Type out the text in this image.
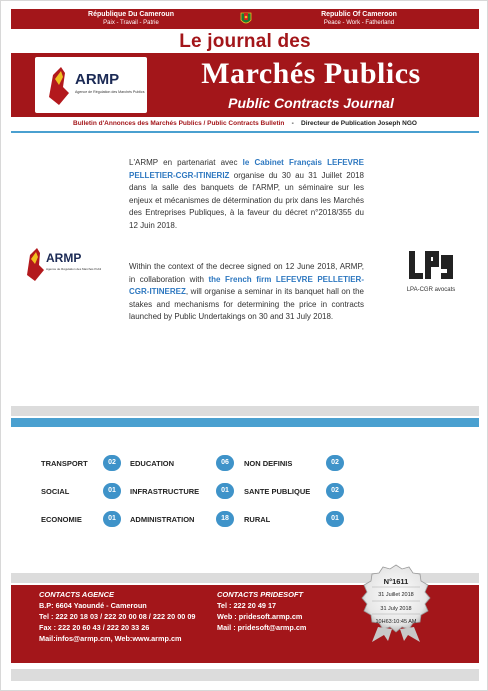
République Du Cameroun
Paix - Travail - Patrie
Republic Of Cameroon
Peace - Work - Fatherland
Le journal des
ARMP
Agence de Régulation des Marchés Publics
Marchés Publics
Public Contracts Journal
Bulletin d'Annonces des Marchés Publics / Public Contracts Bulletin - Directeur de Publication Joseph NGO
ARMP
Agence de Régulation des Marchés Publics
L'ARMP en partenariat avec le Cabinet Français LEFEVRE PELLETIER-CGR-ITINERIZ organise du 30 au 31 Juillet 2018 dans la salle des banquets de l'ARMP, un séminaire sur les enjeux et mécanismes de détermination du prix dans les Marchés des Entreprises Publiques, à la faveur du décret n°2018/355 du 12 Juin 2018.
Within the context of the decree signed on 12 June 2018, ARMP, in collaboration with the French firm LEFEVRE PELLETIER-CGR-ITINEREZ, will organise a seminar in its banquet hall on the stakes and mechanisms for determining the price in contracts launched by Public Undertakings on 30 and 31 July 2018.
LPA-CGR avocats
TRANSPORT	02	EDUCATION	06	NON DEFINIS	02
SOCIAL	01	INFRASTRUCTURE	01	SANTE PUBLIQUE	02
ECONOMIE	01	ADMINISTRATION	18	RURAL	01
CONTACTS AGENCE
B.P: 6604 Yaoundé - Cameroun
Tel : 222 20 18 03 / 222 20 00 08 / 222 20 00 09
Fax : 222 20 60 43 / 222 20 33 26
Mail:infos@armp.cm, Web:www.armp.cm
CONTACTS PRIDESOFT
Tel : 222 20 49 17
Web : pridesoft.armp.cm
Mail : pridesoft@armp.cm
N°1611
31 Juillet 2018
31 July 2018
10H63:10:45 AM
